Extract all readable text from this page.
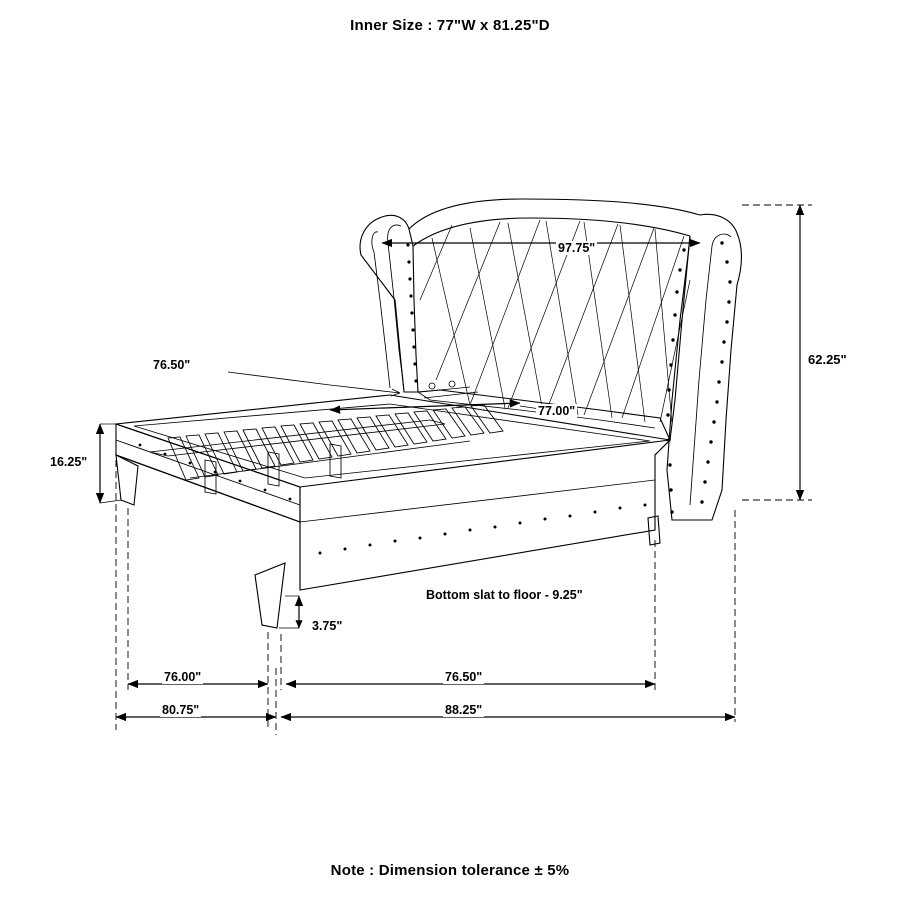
Inner Size : 77"W x 81.25"D
Note : Dimension tolerance ± 5%
97.75"
62.25"
76.50"
77.00"
16.25"
3.75"
Bottom slat to floor - 9.25"
76.00"	76.50"
80.75"	88.25"
